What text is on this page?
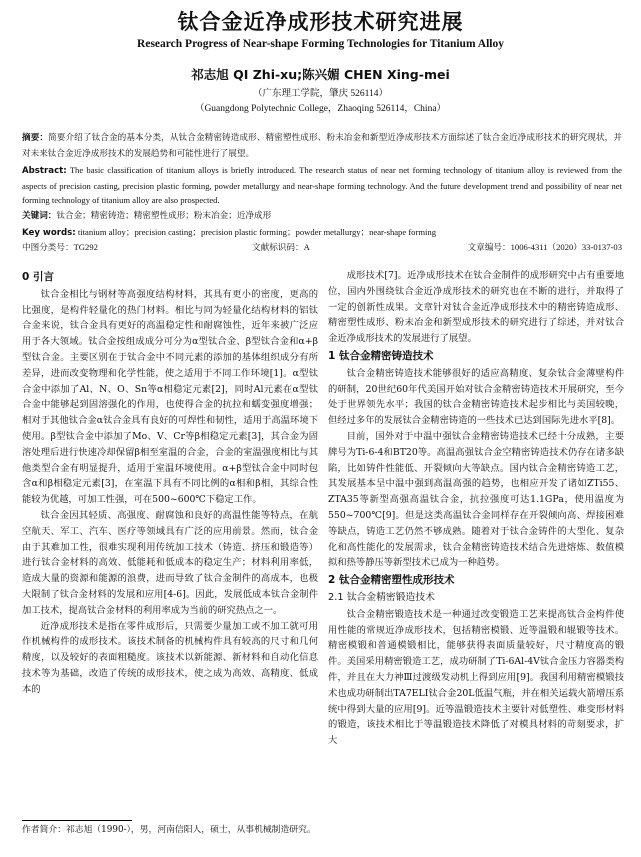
钛合金近净成形技术研究进展
Research Progress of Near-shape Forming Technologies for Titanium Alloy
祁志旭 QI Zhi-xu;陈兴媚 CHEN Xing-mei
（广东理工学院，肇庆 526114）
（Guangdong Polytechnic College，Zhaoqing 526114，China）
摘要：简要介绍了钛合金的基本分类，从钛合金精密铸造成形、精密塑性成形、粉末冶金和新型近净成形技术方面综述了钛合金近净成形技术的研究现状，并对未来钛合金近净成形技术的发展趋势和可能性进行了展望。
Abstract: The basic classification of titanium alloys is briefly introduced. The research status of near net forming technology of titanium alloy is reviewed from the aspects of precision casting, precision plastic forming, powder metallurgy and near-shape forming technology. And the future development trend and possibility of near net forming technology of titanium alloy are also prospected.
关键词：钛合金；精密铸造；精密塑性成形；粉末冶金；近净成形
Key words: titanium alloy；precision casting；precision plastic forming；powder metallurgy；near-shape forming
中图分类号：TG292	文献标识码：A	文章编号：1006-4311（2020）33-0137-03
0 引言

钛合金相比与钢材等高强度结构材料，其具有更小的密度，更高的比强度，是构件轻量化的热门材料。相比与同为轻量化结构材料的铝钛合金来说，钛合金具有更好的高温稳定性和耐腐蚀性，近年来被广泛应用于各大领域。钛合金按组成成分可分为α型钛合金、β型钛合金和α+β型钛合金。主要区别在于钛合金中不同元素的添加的基体组织成分有所差异，进而改变物理和化学性能，使之适用于不同工作环境[1]。α型钛合金中添加了Al、N、O、Sn等α相稳定元素[2]，同时Al元素在α型钛合金中能够起到固溶强化的作用，也使得合金的抗拉和蠕变强度增强；相对于其他钛合金α钛合金具有良好的可焊性和韧性，适用于高温环境下使用。β型钛合金中添加了Mo、V、Cr等β相稳定元素[3]，其合金为固溶处理后进行快速冷却保留β相至室温的合金，合金的室温强度相比与其他类型合金有明显提升，适用于室温环境使用。α+β型钛合金中同时包含α和β相稳定元素[3]，在室温下具有不同比例的α相和β相，其综合性能较为优越，可加工性强，可在500~600℃下稳定工作。

钛合金因其轻质、高强度、耐腐蚀和良好的高温性能等特点，在航空航天、军工、汽车、医疗等领域具有广泛的应用前景。然而，钛合金由于其难加工性，很难实现利用传统加工技术（铸造、挤压和锻造等）进行钛合金材料的高效、低能耗和低成本的稳定生产；材料利用率低，造成大量的资源和能源的浪费，进而导致了钛合金制件的高成本，也极大限制了钛合金材料的发展和应用[4-6]。因此，发展低成本钛合金制件加工技术，提高钛合金材料的利用率成为当前的研究热点之一。

近净成形技术是指在零件成形后，只需要少量加工或不加工就可用作机械构件的成形技术。该技术制备的机械构件具有较高的尺寸和几何精度，以及较好的表面粗糙度。该技术以新能源、新材料和自动化信息技术等为基础，改造了传统的成形技术，使之成为高效、高精度、低成本的

成形技术[7]。近净成形技术在钛合金制件的成形研究中占有重要地位，国内外围绕钛合金近净成形技术的研究也在不断的进行，并取得了一定的创新性成果。文章针对钛合金近净成形技术中的精密铸造成形、精密塑性成形、粉末冶金和新型成形技术的研究进行了综述，并对钛合金近净成形技术的发展进行了展望。

1 钛合金精密铸造技术

钛合金精密铸造技术能够很好的适应高精度、复杂钛合金薄壁构件的研制，20世纪60年代美国开始对钛合金精密铸造技术开展研究，至今处于世界领先水平；我国的钛合金精密铸造技术起步相比与美国较晚，但经过多年的发展钛合金精密铸造的一些技术已达到国际先进水平[8]。

目前，国外对于中温中强钛合金精密铸造技术已经十分成熟，主要牌号为Ti-6-4和BT20等。高温高强钛合金空精密铸造技术仍存在诸多缺陷，比如铸件性能低、开裂倾向大等缺点。国内钛合金精密铸造工艺，其发展基本呈中温中强到高温高强的趋势，也相应开发了诸如ZTi55、ZTA35等新型高强高温钛合金，抗拉强度可达1.1GPa，使用温度为550~700℃[9]。但是这类高温钛合金同样存在开裂倾向高、焊接困难等缺点，铸造工艺仍然不够成熟。随着对于钛合金铸件的大型化、复杂化和高性能化的发展需求，钛合金精密铸造技术结合先进熔炼、数值模拟和热等静压等新型技术已成为一种趋势。

2 钛合金精密塑性成形技术
2.1 钛合金精密锻造技术

钛合金精密锻造技术是一种通过改变锻造工艺来提高钛合金构件使用性能的常规近净成形技术，包括精密模锻、近等温锻和辊锻等技术。精密模锻和普通模锻相比，能够获得表面质量较好，尺寸精度高的锻件。美国采用精密锻造工艺，成功研制了Ti-6Al-4V钛合金压力容器类构件，并且在大力神Ⅲ过渡级发动机上得到应用[9]。我国利用精密模锻技术也成功研制出TA7ELI钛合金20L低温气瓶，并在相关运载火箭增压系统中得到大量的应用[9]。近等温锻造技术主要针对低塑性、难变形材料的锻造，该技术相比于等温锻造技术降低了对模具材料的苛刻要求，扩大

作者简介：祁志旭（1990-），男，河南信阳人，硕士，从事机械制造研究。
